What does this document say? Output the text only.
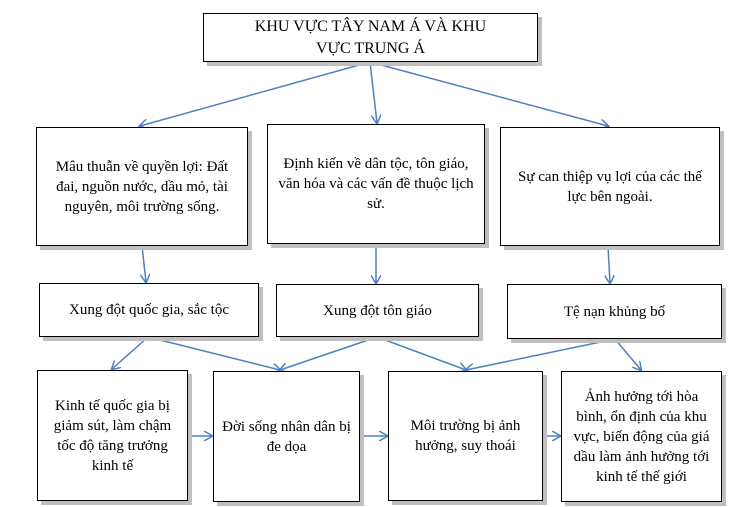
KHU VỰC TÂY NAM Á VÀ KHU VỰC TRUNG Á
Mâu thuẫn về quyền lợi: Đất đai, nguồn nước, dầu mỏ, tài nguyên, môi trường sống.
Định kiến về dân tộc, tôn giáo, văn hóa và các vấn đề thuộc lịch sử.
Sự can thiệp vụ lợi của các thế lực bên ngoài.
Xung đột quốc gia, sắc tộc	Xung đột tôn giáo	Tệ nạn khủng bố
Kinh tế quốc gia bị giảm sút, làm chậm tốc độ tăng trưởng kinh tế
Đời sống nhân dân bị đe dọa
Môi trường bị ảnh hưởng, suy thoái
Ảnh hưởng tới hòa bình, ổn định của khu vực, biến động của giá dầu làm ảnh hưởng tới kinh tế thế giới
